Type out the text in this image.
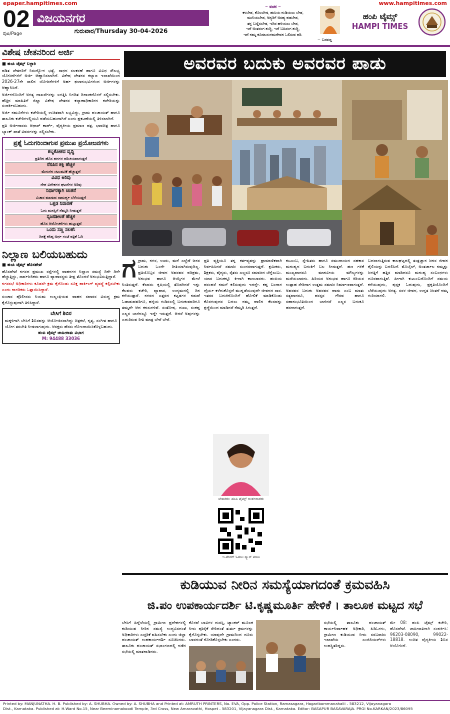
epaper.hampitimes.com	www.hampitimes.com
02
ಪುಟ/Page
ವಿಜಯನಗರ
ಗುರುವಾರ/Thursday 30-04-2026
~ ವಚನ ~
ಕಳಬೇಡ, ಕೊಲಬೇಡ, ಹುಸಿಯ ನುಡಿಯಲು ಬೇಡ,
ಮುನಿಯಬೇಡ, ಅನ್ಯರಿಗೆ ಅಸಹ್ಯ ಪಡಬೇಡ,
ತನ್ನ ಬಣ್ಣಿಸಬೇಡ, ಇದಿರ ಹಳಿಯಲು ಬೇಡ,
ಇದೆ ಅಂತರಂಗ ಶುದ್ಧಿ, ಇದೆ ಬಹಿರಂಗ ಶುದ್ಧಿ,
ಇದೆ ನಮ್ಮ ಕೂಡಲಸಂಗಮದೇವನ ಒಲಿಸುವ ಪರಿ.
~ ಬಸವಣ್ಣ
ಹಂಪಿ ಟೈಮ್ಸ್
HAMPI TIMES
ವಿಶೇಷ ಚೇತನರಿಂದ ಅರ್ಜಿ
■ ಹಂಪಿ ಟೈಮ್ಸ್ ಬಳ್ಳಾರಿ

ಪಡಿತ ಚೇತನರಿಗೆ ನಿರುದ್ಯೋಗ ಭತ್ಯೆ, ಸಾಧನ ಸಲಕರಣೆ ಹಾಗೂ ವಿವಿಧ ಸೌಲಭ್ಯ ಯೋಜನೆಗಳಿಗೆ ಅರ್ಜಿ ಆಹ್ವಾನಿಸಲಾಗಿದೆ. ವಿಶೇಷ ಚೇತನರ ಕಲ್ಯಾಣ ಇಲಾಖೆಯಿಂದ 2026-27ನೇ ಸಾಲಿನ ಯೋಜನೆಗಳಿಗೆ ಅರ್ಹ ಫಲಾನುಭವಿಗಳಿಂದ ಅರ್ಜಿಗಳನ್ನು ಆಹ್ವಾನಿಸಿದೆ.

ಅರ್ಜಿಗಳೊಂದಿಗೆ ಅಗತ್ಯ ದಾಖಲೆಗಳನ್ನು ಲಗತ್ತಿಸಿ ನಿಗದಿತ ದಿನಾಂಕದೊಳಗೆ ಸಲ್ಲಿಸಬೇಕು. ಹೆಚ್ಚಿನ ಮಾಹಿತಿಗೆ ಜಿಲ್ಲಾ ವಿಶೇಷ ಚೇತನರ ಕಲ್ಯಾಣಾಧಿಕಾರಿಗಳ ಕಚೇರಿಯನ್ನು ಸಂಪರ್ಕಿಸಬಹುದು.

ಅರ್ಜಿ ನಮೂನೆಗಳು ಕಚೇರಿಯಲ್ಲಿ ಉಚಿತವಾಗಿ ಲಭ್ಯವಿದ್ದು, ಗ್ರಾಮ ಪಂಚಾಯತ್ ಹಾಗೂ ತಾಲೂಕು ಕಚೇರಿಗಳಲ್ಲಿಯೂ ಪಡೆಯಬಹುದಾಗಿದೆ ಎಂದು ಪ್ರಕಟಣೆಯಲ್ಲಿ ತಿಳಿಸಲಾಗಿದೆ.

ಪ್ರತಿ ಅರ್ಜಿದಾರರು ಆಧಾರ್ ಕಾರ್ಡ್, ವೈದ್ಯಕೀಯ ಪ್ರಮಾಣ ಪತ್ರ, ಭಾವಚಿತ್ರ ಹಾಗೂ ಬ್ಯಾಂಕ್ ಖಾತೆ ವಿವರಗಳನ್ನು ಸಲ್ಲಿಸಬೇಕು.

ಪ್ರಶ್ನೆ ಓದುಗರಿಂದಾಗುವ ಪ್ರಮುಖ ಪ್ರಯೋಜನಗಳು
ಶಬ್ದಕೋಶದ ವೃದ್ಧಿ
ಪ್ರತಿದಿನ ಹೊಸ ಪದಗಳ ಪರಿಚಯವಾಗುತ್ತದೆ
ನೆನಪಿನ ಶಕ್ತಿ ಹೆಚ್ಚಳ
ಮೆದುಳಿನ ಚಟುವಟಿಕೆ ಹೆಚ್ಚುತ್ತದೆ
ವಿವಿಧ ಅರಿವು
ದೇಶ ವಿದೇಶಗಳ ಘಟನೆಗಳ ಅರಿವು
ನಿರ್ಧಾರಕ್ಕಾಗಿ ಚಿಂತನೆ
ವಿಚಾರ ಮಾಡುವ ಸಾಮರ್ಥ್ಯ ಬೆಳೆಯುತ್ತದೆ
ಒತ್ತಡ ನಿವಾರಣೆ
ಓದು ಮನಸ್ಸಿಗೆ ನೆಮ್ಮದಿ ನೀಡುತ್ತದೆ
ಸೃಜನಶೀಲತೆ ಹೆಚ್ಚಳ
ಹೊಸ ಆಲೋಚನೆಗಳು ಹುಟ್ಟುತ್ತವೆ
ಒಂದು ಸಣ್ಣ ಸಲಹೆ:
ದಿನಕ್ಕೆ ಕನಿಷ್ಠ ಅರ್ಧ ಗಂಟೆ ಪತ್ರಿಕೆ ಓದಿ
ನಿಲ್ಲಾಣ ಬಲಿಯಬಹುದು
■ ಹಂಪಿ ಟೈಮ್ಸ್ ಹೊಸಪೇಟೆ

ಹೊಸಪೇಟೆ ನಗರದ ಪ್ರಮುಖ ರಸ್ತೆಗಳಲ್ಲಿ ವಾಹನಗಳ ನಿಲ್ಲಾಣ ಸಮಸ್ಯೆ ದಿನೇ ದಿನೇ ಹೆಚ್ಚುತ್ತಿದ್ದು, ಸಾರ್ವಜನಿಕರು ಹಾಗೂ ವ್ಯಾಪಾರಸ್ಥರು ತೀವ್ರ ತೊಂದರೆ ಅನುಭವಿಸುತ್ತಿದ್ದಾರೆ.

ನಗರಸಭೆ ಅಧಿಕಾರಿಗಳು ಕೂಡಲೇ ಕ್ರಮ ಕೈಗೊಂಡು ಸೂಕ್ತ ಪಾರ್ಕಿಂಗ್ ವ್ಯವಸ್ಥೆ ಕಲ್ಪಿಸಬೇಕು ಎಂದು ನಾಗರಿಕರು ಒತ್ತಾಯಿಸಿದ್ದಾರೆ.

ಸಂಚಾರ ಪೊಲೀಸರು ನಿಯಮ ಉಲ್ಲಂಘಿಸುವ ವಾಹನ ಸವಾರರ ವಿರುದ್ಧ ಕ್ರಮ ಕೈಗೊಳ್ಳುವುದಾಗಿ ತಿಳಿಸಿದ್ದಾರೆ.

ಬೇಸಿಗೆ ಶಿಬಿರ
ಮಕ್ಕಳಿಗಾಗಿ ಬೇಸಿಗೆ ಶಿಬಿರವನ್ನು ಆಯೋಜಿಸಲಾಗಿದ್ದು ಚಿತ್ರಕಲೆ, ನೃತ್ಯ, ಸಂಗೀತ ಹಾಗೂ ಯೋಗ ತರಬೇತಿ ನೀಡಲಾಗುವುದು. ಆಸಕ್ತರು ಹೆಸರು ನೋಂದಾಯಿಸಿಕೊಳ್ಳಬಹುದು.
ಹಂಪಿ ಟೈಮ್ಸ್ ಜಾಹೀರಾತು ವಿಭಾಗ
M: 94488 33036
ಅವರವರ ಬದುಕು ಅವರವರ ಪಾಡು
ಗ ಗ್ರಾಮ, ನಗರ, ಊರು, ಮನೆ ಎಲ್ಲೆಡೆ ಜನರ ಬದುಕು ಒಂದೇ ರೀತಿಯಾಗಿರುವುದಿಲ್ಲ. ಪ್ರತಿಯೊಬ್ಬರ ಜೀವನ ಅವರವರ ಪರಿಶ್ರಮ, ಅನುಭವ ಹಾಗೂ ಆಯ್ಕೆಗಳ ಮೇಲೆ ನಿಂತಿರುತ್ತದೆ. ಕೆಲವರು ಕೃಷಿಯಲ್ಲಿ ತೊಡಗಿದರೆ ಇನ್ನು ಕೆಲವರು ಕಚೇರಿ, ವ್ಯಾಪಾರ, ಉದ್ಯಮದಲ್ಲಿ ದಿನ ಕಳೆಯುತ್ತಾರೆ. ನಗರದ ಎತ್ತರದ ಕಟ್ಟಡಗಳ ನಡುವೆ ಓಡಾಡುವವರಿಗೂ, ಹಳ್ಳಿಯ ಗುಡಿಸಲಲ್ಲಿ ಬದುಕುವವರಿಗೂ ತಮ್ಮದೇ ಆದ ಕನಸುಗಳಿವೆ. ಸಂತೋಷ, ದುಃಖ, ಸಂಕಷ್ಟ ಎಲ್ಲರ ಬಾಳಿನಲ್ಲೂ ಇದ್ದೇ ಇರುತ್ತದೆ. ಆದರೆ ಅವುಗಳನ್ನು ಎದುರಿಸುವ ರೀತಿ ಮಾತ್ರ ಬೇರೆ ಬೇರೆ.
ಪ್ರತಿ ವ್ಯಕ್ತಿಯೂ ತನ್ನ ಕರ್ತವ್ಯವನ್ನು ಪ್ರಾಮಾಣಿಕವಾಗಿ ನಿರ್ವಹಿಸಿದರೆ ಸಮಾಜ ಸುಂದರವಾಗುತ್ತದೆ. ಶ್ರಮಿಕರು, ಶಿಕ್ಷಕರು, ವೈದ್ಯರು, ರೈತರು ಎಲ್ಲರೂ ಸಮಾಜದ ಬೆನ್ನೆಲುಬು. ಯಾರ ಬದುಕನ್ನೂ ಕೀಳಾಗಿ ಕಾಣಬಾರದು. ಹಂಪಿಯ ಪರಂಪರೆ ನಮಗೆ ಕಲಿಸುವುದು ಇದನ್ನೇ. ಕಷ್ಟ ಬಂದಾಗ ಧೈರ್ಯ ಕಳೆದುಕೊಳ್ಳದೆ ಮುನ್ನಡೆಯುವುದೇ ಜೀವನದ ಸಾರ. ಇತರರ ಬದುಕಿನೊಂದಿಗೆ ಹೋಲಿಕೆ ಮಾಡಿಕೊಂಡು ಕೊರಗುವುದರ ಬದಲು ನಮ್ಮ ಪಾಲಿನ ಕೆಲಸವನ್ನು ಶ್ರದ್ಧೆಯಿಂದ ಮಾಡಿದರೆ ನೆಮ್ಮದಿ ಸಿಗುತ್ತದೆ.
ಕುಟುಂಬ, ಸ್ನೇಹಿತರು ಹಾಗೂ ಸಮುದಾಯದ ಸಹಕಾರ ಮನುಷ್ಯನ ಬದುಕಿಗೆ ಬಲ ನೀಡುತ್ತದೆ. ಹಣ ಗಳಿಕೆ ಮುಖ್ಯವಾದರೂ ಮಾನವೀಯ ಮೌಲ್ಯಗಳನ್ನು ಮರೆಯಬಾರದು. ಹಿರಿಯರ ಅನುಭವ ಹಾಗೂ ಕಿರಿಯರ ಉತ್ಸಾಹ ಸೇರಿದಾಗ ಉತ್ತಮ ಸಮಾಜ ನಿರ್ಮಾಣವಾಗುತ್ತದೆ. ಅವರವರ ಬದುಕು ಅವರವರ ಪಾಡು ಎಂಬ ಮಾತು ಸತ್ಯವಾದರೂ, ಪರಸ್ಪರ ಗೌರವ ಹಾಗೂ ಸಹಾನುಭೂತಿಯಿಂದ ಬಾಳಿದರೆ ಎಲ್ಲರ ಬದುಕೂ ಹಸನಾಗುತ್ತದೆ.
ಬದಲಾಗುತ್ತಿರುವ ಕಾಲಘಟ್ಟದಲ್ಲಿ ತಂತ್ರಜ್ಞಾನ ಜನರ ಜೀವನ ಶೈಲಿಯನ್ನು ಬದಲಿಸಿದೆ. ಮೊಬೈಲ್, ಅಂತರ್ಜಾಲ ನಮ್ಮನ್ನು ಜಗತ್ತಿಗೆ ಹತ್ತಿರ ಮಾಡಿದರೂ ಮನುಷ್ಯ ಸಂಬಂಧಗಳು ದೂರವಾಗುತ್ತಿವೆ. ಹೀಗಾಗಿ ಕುಟುಂಬದೊಂದಿಗೆ ಸಮಯ ಕಳೆಯುವುದು, ಪುಸ್ತಕ ಓದುವುದು, ಪ್ರಕೃತಿಯೊಂದಿಗೆ ಬೆರೆಯುವುದು ಅಗತ್ಯ. ಸರಳ ಜೀವನ, ಉನ್ನತ ಚಿಂತನೆ ನಮ್ಮ ಗುರಿಯಾಗಲಿ.
ಲೇಖಕರು: ಹಂಪಿ ಟೈಮ್ಸ್ ಅಂಕಣಕಾರರು
ಇ-ಪೇಪರ್ ಓದಲು ಸ್ಕ್ಯಾನ್ ಮಾಡಿ
ಕುಡಿಯುವ ನೀರಿನ ಸಮಸ್ಯೆಯಾಗದಂತೆ ಕ್ರಮವಹಿಸಿ
ಜಿ.ಪಂ ಉಪಕಾರ್ಯದರ್ಶಿ ಟಿ.ಕೃಷ್ಣಮೂರ್ತಿ ಹೇಳಿಕೆ । ತಾಲೂಕ ಮಟ್ಟದ ಸಭೆ
ಬೇಸಿಗೆ ಹಿನ್ನೆಲೆಯಲ್ಲಿ ಗ್ರಾಮೀಣ ಪ್ರದೇಶಗಳಲ್ಲಿ ಕುಡಿಯುವ ನೀರಿನ ಸಮಸ್ಯೆ ಉದ್ಭವಿಸದಂತೆ ಅಧಿಕಾರಿಗಳು ಎಚ್ಚರಿಕೆ ವಹಿಸಬೇಕು ಎಂದು ಜಿಲ್ಲಾ ಪಂಚಾಯತ್ ಉಪಕಾರ್ಯದರ್ಶಿ ಸೂಚಿಸಿದರು. ತಾಲೂಕು ಪಂಚಾಯತ್ ಸಭಾಂಗಣದಲ್ಲಿ ನಡೆದ ಸಭೆಯಲ್ಲಿ ಮಾತನಾಡಿದರು.
ಕೊಳವೆ ಬಾವಿಗಳ ದುರಸ್ತಿ, ಟ್ಯಾಂಕರ್ ಮೂಲಕ ನೀರು ಪೂರೈಕೆ ಸೇರಿದಂತೆ ತುರ್ತು ಕ್ರಮಗಳನ್ನು ಕೈಗೊಳ್ಳಬೇಕು. ಯಾವುದೇ ಗ್ರಾಮದಿಂದ ದೂರು ಬಾರದಂತೆ ನೋಡಿಕೊಳ್ಳಬೇಕು ಎಂದರು.
ಸಭೆಯಲ್ಲಿ ತಾಲೂಕು ಪಂಚಾಯತ್ ಕಾರ್ಯನಿರ್ವಾಹಕ ಅಧಿಕಾರಿ, ಪಿಡಿಒಗಳು, ಗ್ರಾಮೀಣ ಕುಡಿಯುವ ನೀರು ಸರಬರಾಜು ಇಲಾಖೆಯ ಎಂಜಿನಿಯರ್‌ಗಳು ಉಪಸ್ಥಿತರಿದ್ದರು.
ಮೇ 08: ಹಂಪಿ ಟೈಮ್ಸ್ ಕಚೇರಿ, ಹೊಸಪೇಟೆ. ಜಾಹೀರಾತಿಗಾಗಿ ಸಂಪರ್ಕಿಸಿ: 96203-08090, 99022-18818. ಉಚಿತ ವೈದ್ಯಕೀಯ ಶಿಬಿರ ಆಯೋಜನೆ.
Printed by: MANJUNATHA. H. B. Published by: A. SHUBHA. Owned by: A. SHUBHA and Printed at: AMRUTH PRINTERS, No. EVA, Opp. Police Station, Ramasagara, Hagaribommanahalli - 583212, Vijayanagara
Dist., Karnataka. Published at: H.Ward No.15, Near Beeminamakoodi Temple, 3rd Cross, New Amaravathi, Hospet - 583201, Vijayanagara Dist., Karnataka. Editor: BASAPUR BASAVARAJA. PRGI No.KARKAN/2023/86095
